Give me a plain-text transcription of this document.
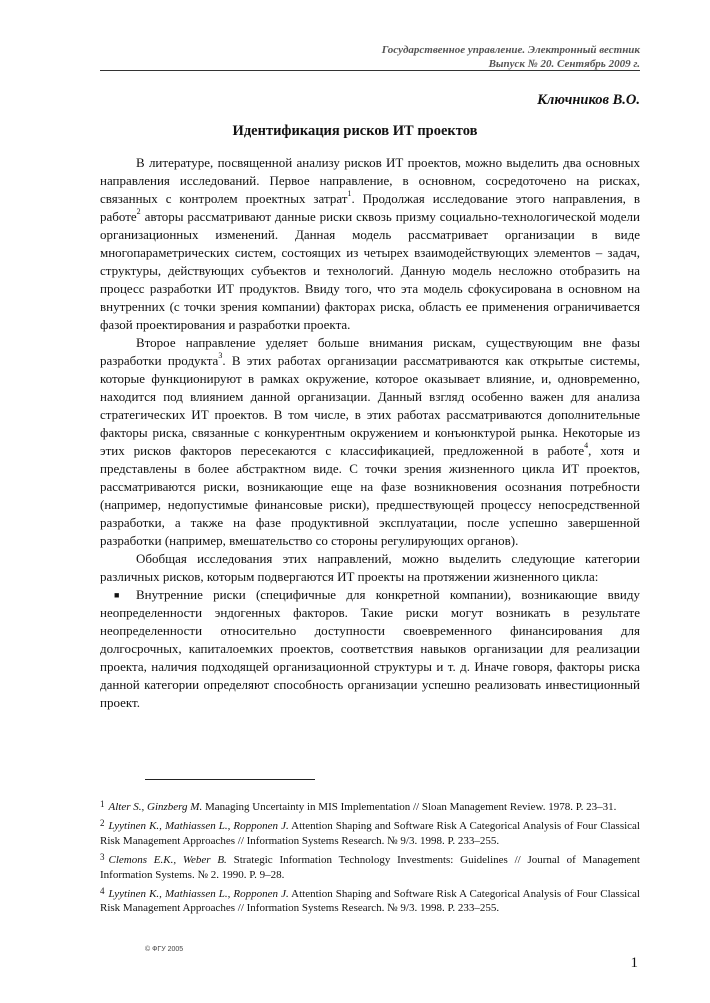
Государственное управление. Электронный вестник
Выпуск № 20. Сентябрь 2009 г.
Ключников В.О.
Идентификация рисков ИТ проектов

В литературе, посвященной анализу рисков ИТ проектов, можно выделить два основных направления исследований. Первое направление, в основном, сосредоточено на рисках, связанных с контролем проектных затрат$^1$. Продолжая исследование этого направления, в работе$^2$ авторы рассматривают данные риски сквозь призму социально-технологической модели организационных изменений. Данная модель рассматривает организации в виде многопараметрических систем, состоящих из четырех взаимодействующих элементов – задач, структуры, действующих субъектов и технологий. Данную модель несложно отобразить на процесс разработки ИТ продуктов. Ввиду того, что эта модель сфокусирована в основном на внутренних (с точки зрения компании) факторах риска, область ее применения ограничивается фазой проектирования и разработки проекта.

Второе направление уделяет больше внимания рискам, существующим вне фазы разработки продукта$^3$. В этих работах организации рассматриваются как открытые системы, которые функционируют в рамках окружение, которое оказывает влияние, и, одновременно, находится под влиянием данной организации. Данный взгляд особенно важен для анализа стратегических ИТ проектов. В том числе, в этих работах рассматриваются дополнительные факторы риска, связанные с конкурентным окружением и конъюнктурой рынка. Некоторые из этих рисков факторов пересекаются с классификацией, предложенной в работе$^4$, хотя и представлены в более абстрактном виде. С точки зрения жизненного цикла ИТ проектов, рассматриваются риски, возникающие еще на фазе возникновения осознания потребности (например, недопустимые финансовые риски), предшествующей процессу непосредственной разработки, а также на фазе продуктивной эксплуатации, после успешно завершенной разработки (например, вмешательство со стороны регулирующих органов).

Обобщая исследования этих направлений, можно выделить следующие категории различных рисков, которым подвергаются ИТ проекты на протяжении жизненного цикла:

■ Внутренние риски (специфичные для конкретной компании), возникающие ввиду неопределенности эндогенных факторов. Такие риски могут возникать в результате неопределенности относительно доступности своевременного финансирования для долгосрочных, капиталоемких проектов, соответствия навыков организации для реализации проекта, наличия подходящей организационной структуры и т. д. Иначе говоря, факторы риска данной категории определяют способность организации успешно реализовать инвестиционный проект.

$^1$ Alter S., Ginzberg M. Managing Uncertainty in MIS Implementation // Sloan Management Review. 1978. P. 23–31.

$^2$ Lyytinen K., Mathiassen L., Ropponen J. Attention Shaping and Software Risk A Categorical Analysis of Four Classical Risk Management Approaches // Information Systems Research. № 9/3. 1998. P. 233–255.

$^3$ Clemons E.K., Weber B. Strategic Information Technology Investments: Guidelines // Journal of Management Information Systems. № 2. 1990. P. 9–28.

$^4$ Lyytinen K., Mathiassen L., Ropponen J. Attention Shaping and Software Risk A Categorical Analysis of Four Classical Risk Management Approaches // Information Systems Research. № 9/3. 1998. P. 233–255.

© ФГУ 2005
1
